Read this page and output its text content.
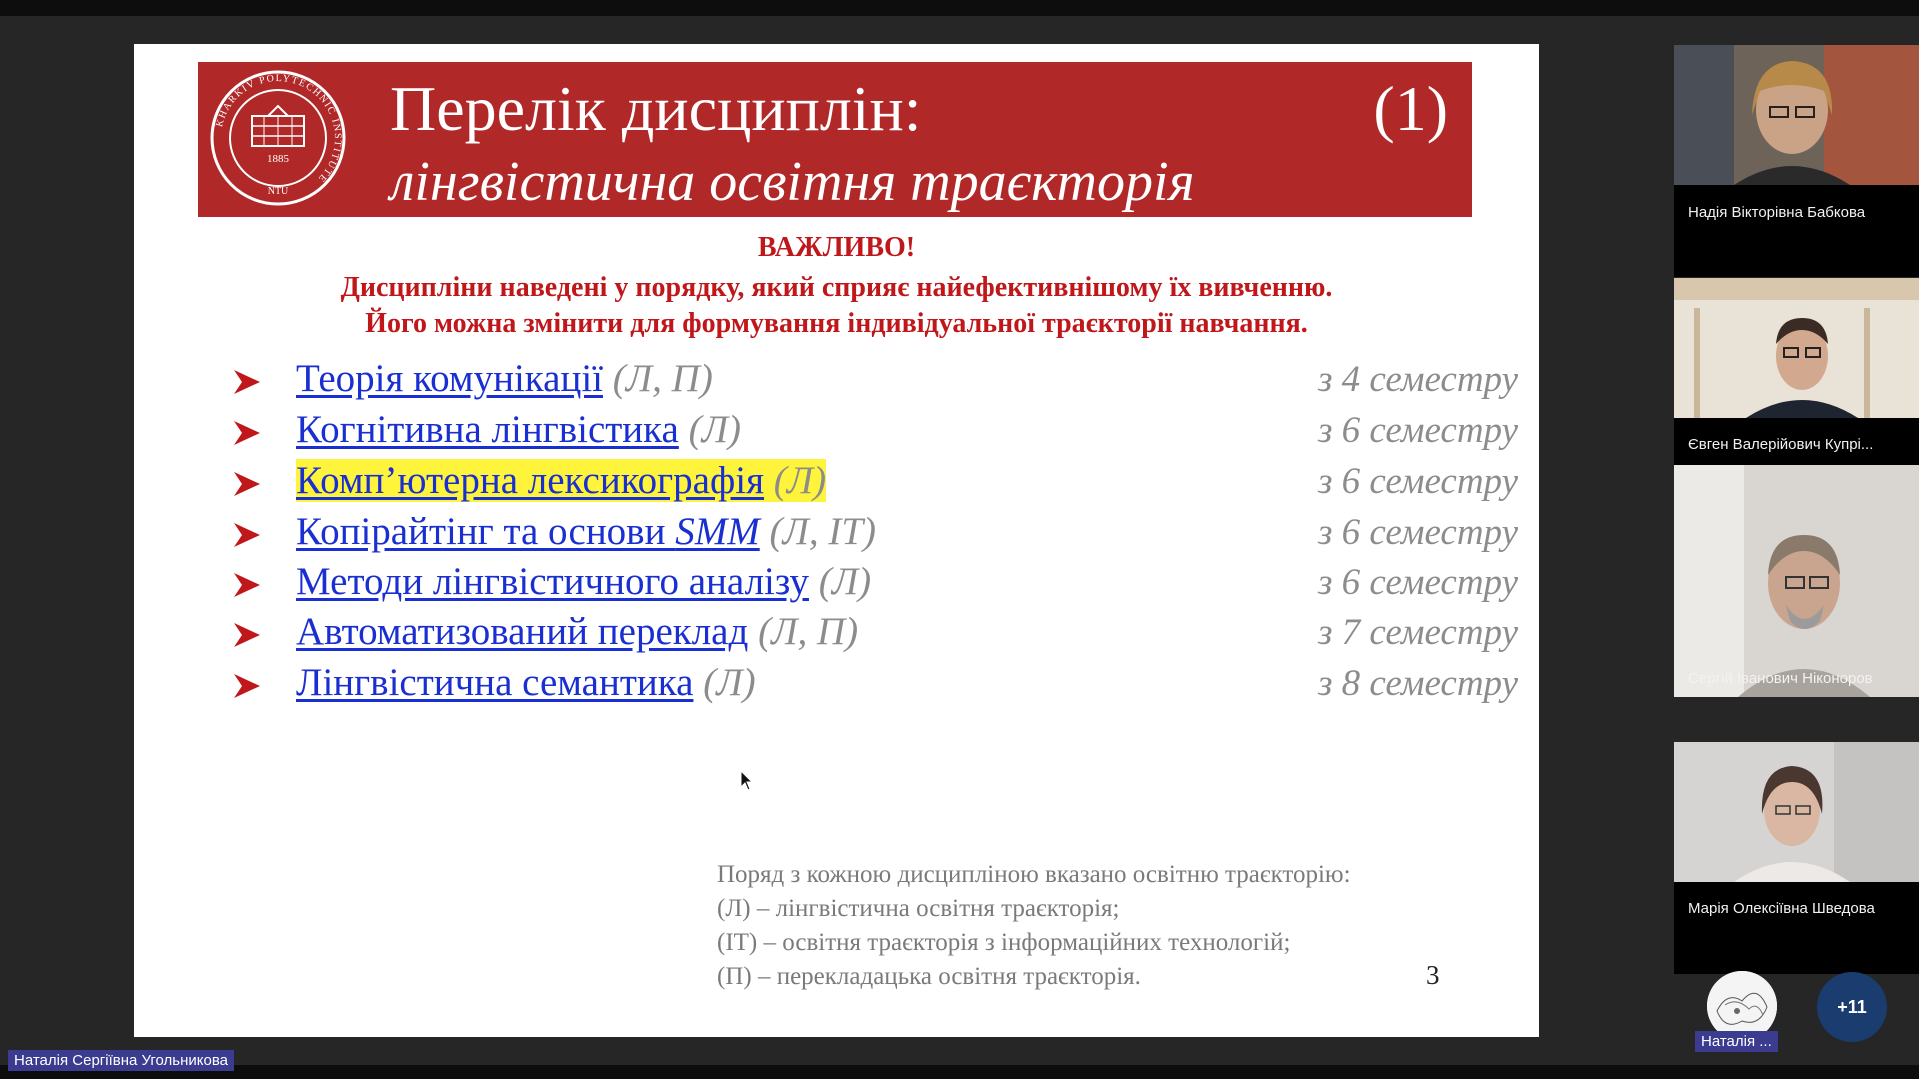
KHARKIV POLYTECHNIC INSTITUTE
1885
NTU
Перелік дисциплін:	(1)
лінгвістична освітня траєкторія
ВАЖЛИВО!
Дисципліни наведені у порядку, який сприяє найефективнішому їх вивченню.
Його можна змінити для формування індивідуальної траєкторії навчання.
Теорія комунікації (Л, П)	з 4 семестру
Когнітивна лінгвістика (Л)	з 6 семестру
Комп’ютерна лексикографія (Л)	з 6 семестру
Копірайтінг та основи SMM (Л, ІТ)	з 6 семестру
Методи лінгвістичного аналізу (Л)	з 6 семестру
Автоматизований переклад (Л, П)	з 7 семестру
Лінгвістична семантика (Л)	з 8 семестру
Поряд з кожною дисципліною вказано освітню траєкторію:
(Л) – лінгвістична освітня траєкторія;
(ІТ) – освітня траєкторія з інформаційних технологій;
(П) – перекладацька освітня траєкторія.	3
Надія Вікторівна Бабкова
Євген Валерійович Купрі...
Сергій Іванович Ніконоров
Марія Олексіївна Шведова
Наталія ...
+11
Наталія Сергіївна Угольникова
